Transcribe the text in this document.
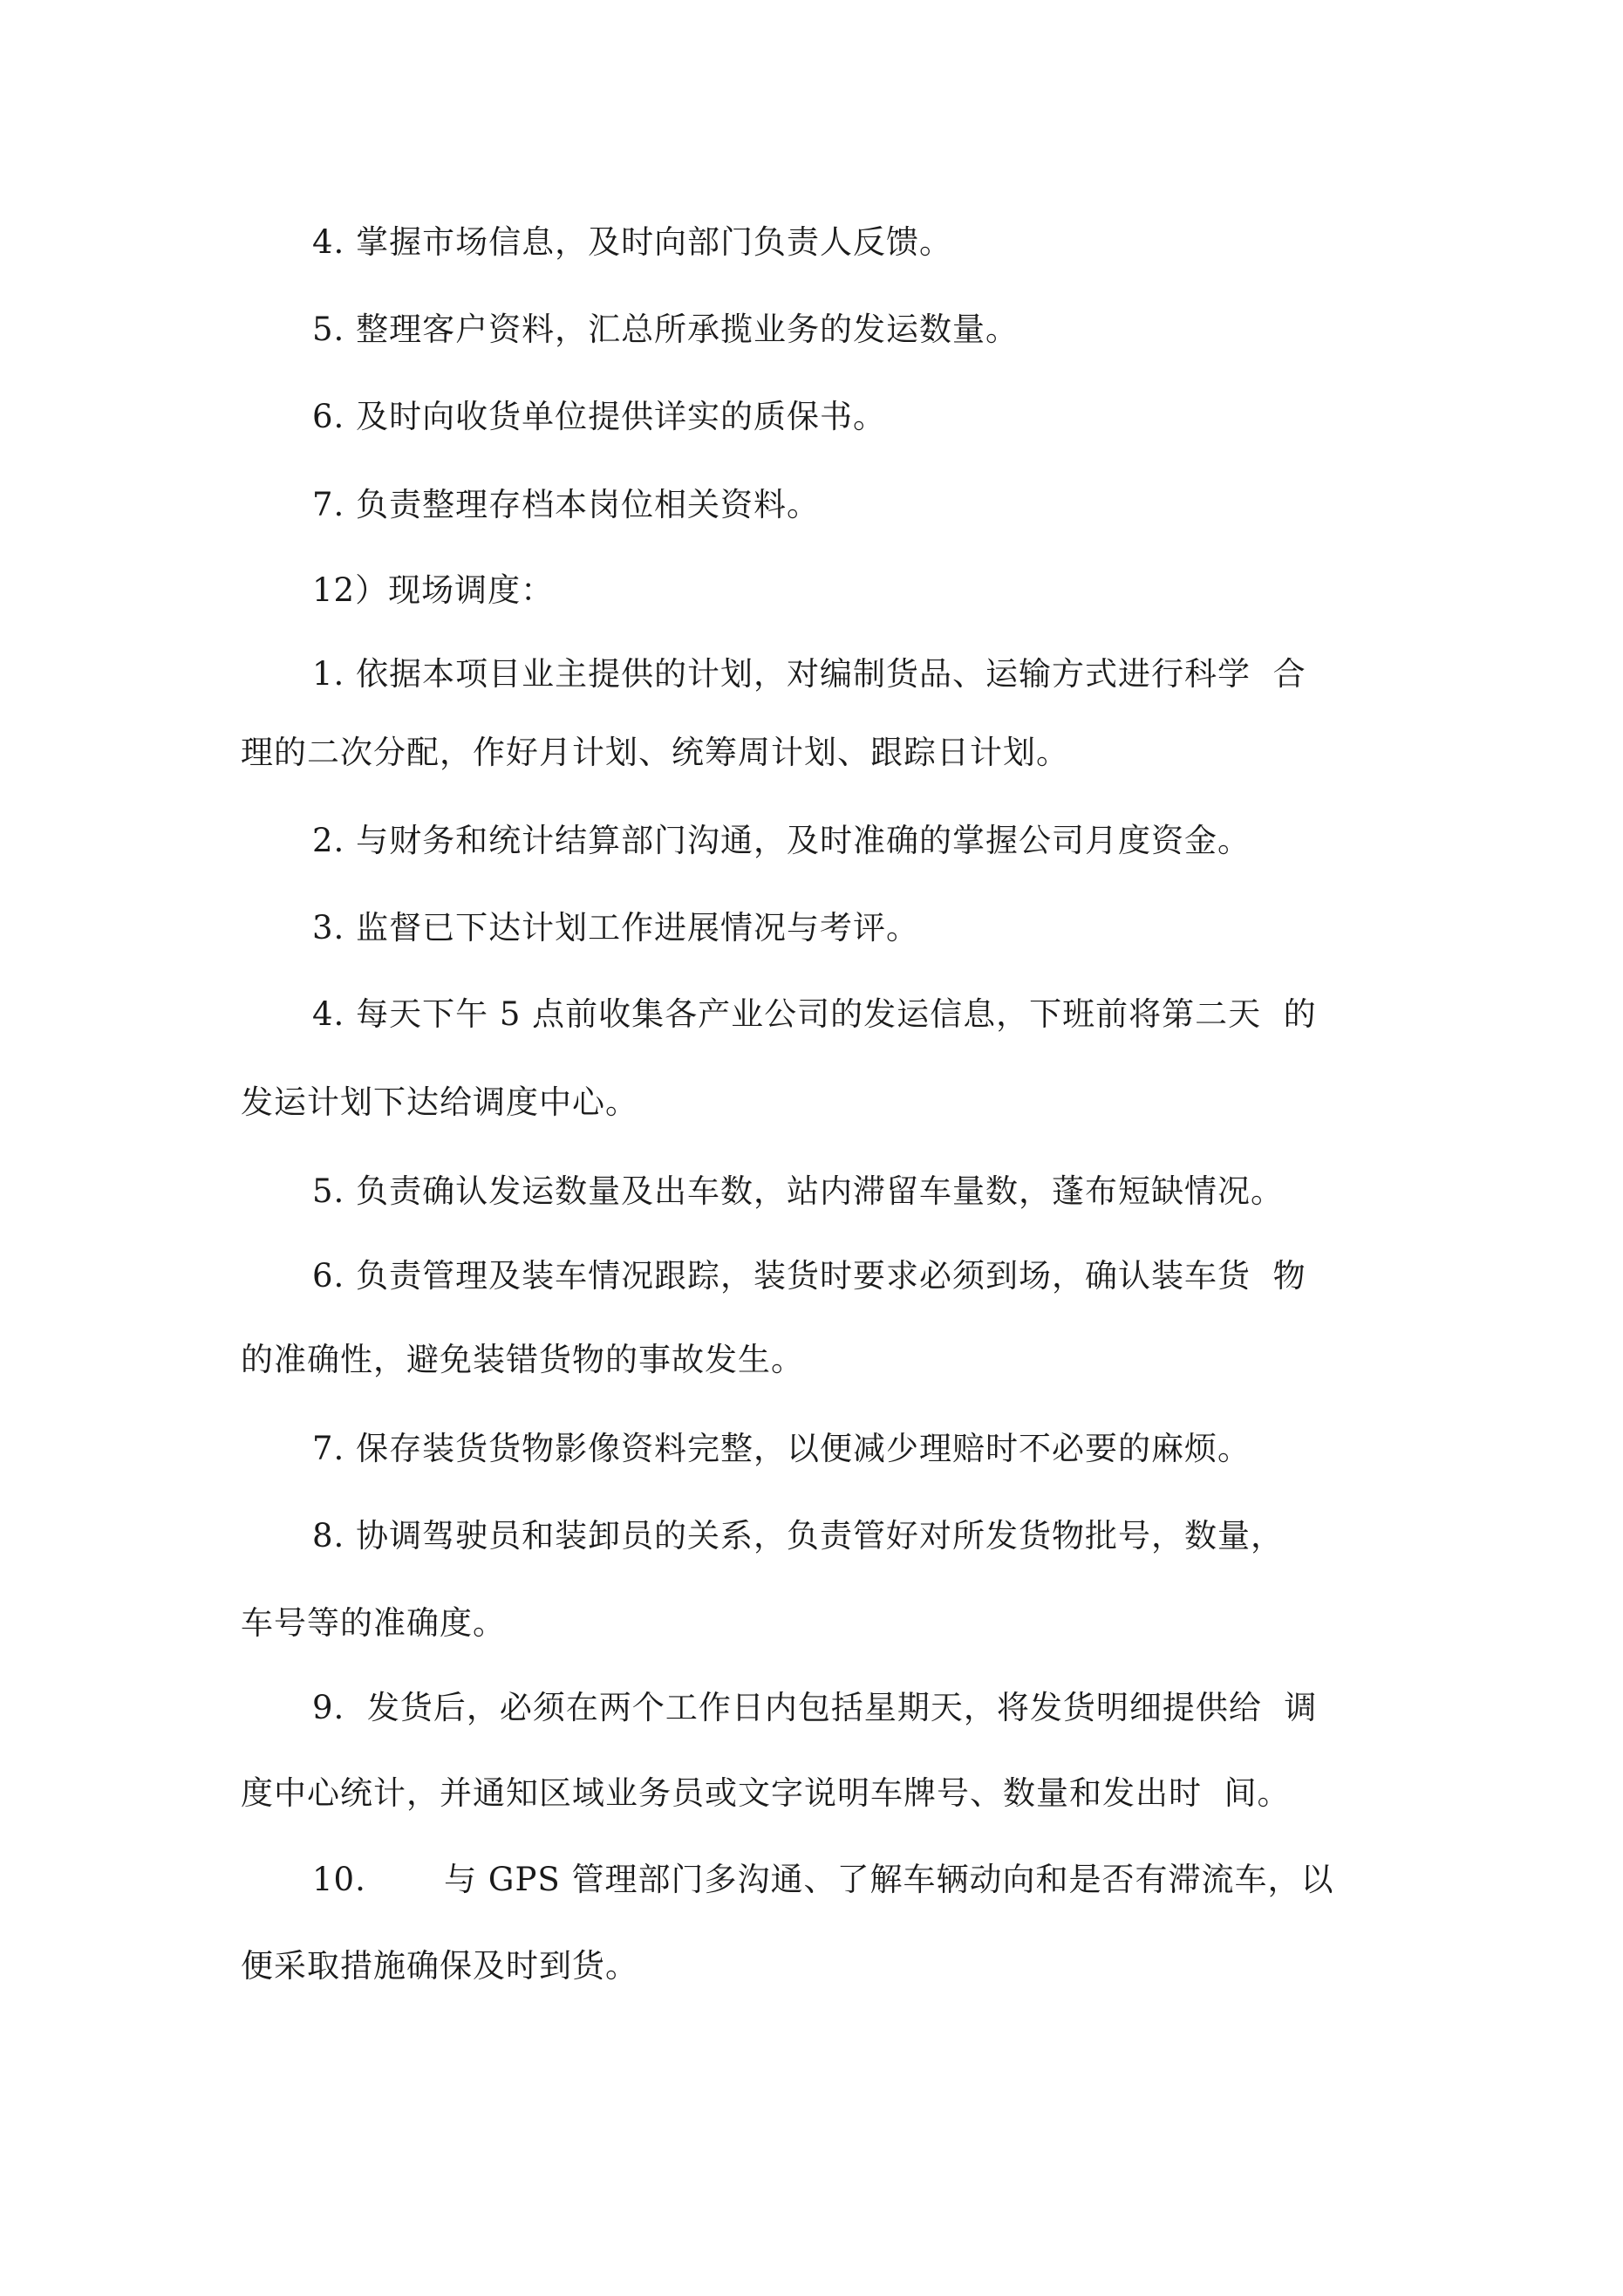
4. 掌握市场信息，及时向部门负责人反馈。

5. 整理客户资料，汇总所承揽业务的发运数量。

6. 及时向收货单位提供详实的质保书。

7. 负责整理存档本岗位相关资料。

12）现场调度：

1. 依据本项目业主提供的计划，对编制货品、运输方式进行科学  合

理的二次分配，作好月计划、统筹周计划、跟踪日计划。

2. 与财务和统计结算部门沟通，及时准确的掌握公司月度资金。

3. 监督已下达计划工作进展情况与考评。

4. 每天下午 5 点前收集各产业公司的发运信息，下班前将第二天  的

发运计划下达给调度中心。

5. 负责确认发运数量及出车数，站内滞留车量数，蓬布短缺情况。

6. 负责管理及装车情况跟踪，装货时要求必须到场，确认装车货  物

的准确性，避免装错货物的事故发生。

7. 保存装货货物影像资料完整，以便减少理赔时不必要的麻烦。

8. 协调驾驶员和装卸员的关系，负责管好对所发货物批号，数量，

车号等的准确度。

9.  发货后，必须在两个工作日内包括星期天，将发货明细提供给  调

度中心统计，并通知区域业务员或文字说明车牌号、数量和发出时  间。

10.       与 GPS 管理部门多沟通、了解车辆动向和是否有滞流车，以

便采取措施确保及时到货。
